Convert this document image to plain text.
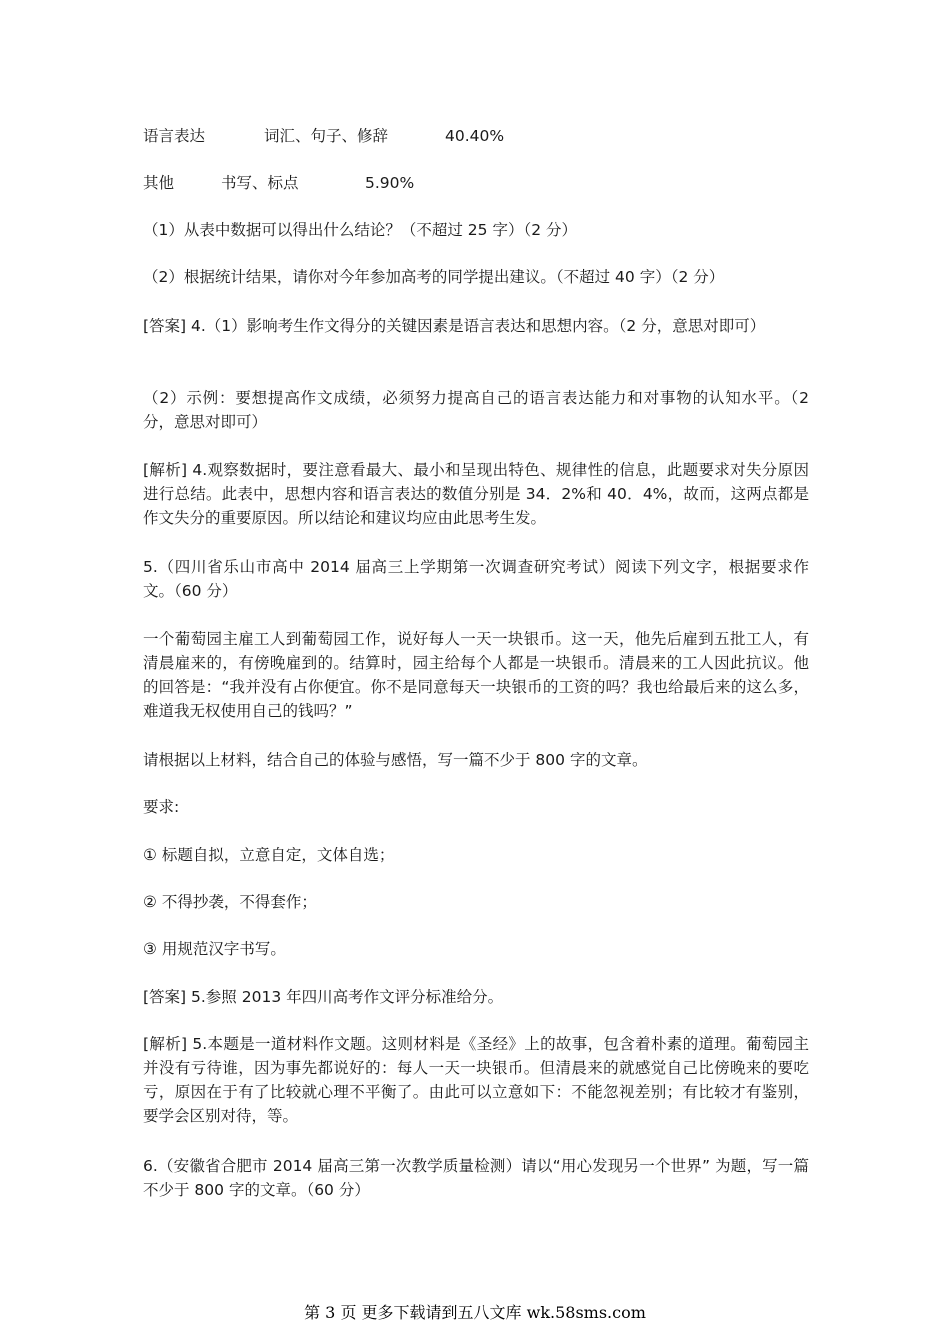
语言表达	词汇、句子、修辞	40.40%
其他	书写、标点	5.90%
（1）从表中数据可以得出什么结论？（不超过 25 字）（2 分）
（2）根据统计结果，请你对今年参加高考的同学提出建议。（不超过 40 字）（2 分）
[答案] 4.（1）影响考生作文得分的关键因素是语言表达和思想内容。（2 分，意思对即可）
（2）示例：要想提高作文成绩，必须努力提高自己的语言表达能力和对事物的认知水平。（2 分，意思对即可）
[解析] 4.观察数据时，要注意看最大、最小和呈现出特色、规律性的信息，此题要求对失分原因进行总结。此表中，思想内容和语言表达的数值分别是 34．2%和 40．4%，故而，这两点都是作文失分的重要原因。所以结论和建议均应由此思考生发。
5.（四川省乐山市高中 2014 届高三上学期第一次调查研究考试）阅读下列文字，根据要求作文。（60 分）
一个葡萄园主雇工人到葡萄园工作，说好每人一天一块银币。这一天，他先后雇到五批工人，有清晨雇来的，有傍晚雇到的。结算时，园主给每个人都是一块银币。清晨来的工人因此抗议。他的回答是：“我并没有占你便宜。你不是同意每天一块银币的工资的吗？我也给最后来的这么多，难道我无权使用自己的钱吗？”
请根据以上材料，结合自己的体验与感悟，写一篇不少于 800 字的文章。
要求:
① 标题自拟，立意自定，文体自选；
② 不得抄袭，不得套作；
③ 用规范汉字书写。
[答案] 5.参照 2013 年四川高考作文评分标准给分。
[解析] 5.本题是一道材料作文题。这则材料是《圣经》上的故事，包含着朴素的道理。葡萄园主并没有亏待谁，因为事先都说好的：每人一天一块银币。但清晨来的就感觉自己比傍晚来的要吃亏，原因在于有了比较就心理不平衡了。由此可以立意如下：不能忽视差别；有比较才有鉴别，要学会区别对待，等。
6.（安徽省合肥市 2014 届高三第一次教学质量检测）请以“用心发现另一个世界” 为题，写一篇不少于 800 字的文章。（60 分）
第 3 页 更多下载请到五八文库 wk.58sms.com
